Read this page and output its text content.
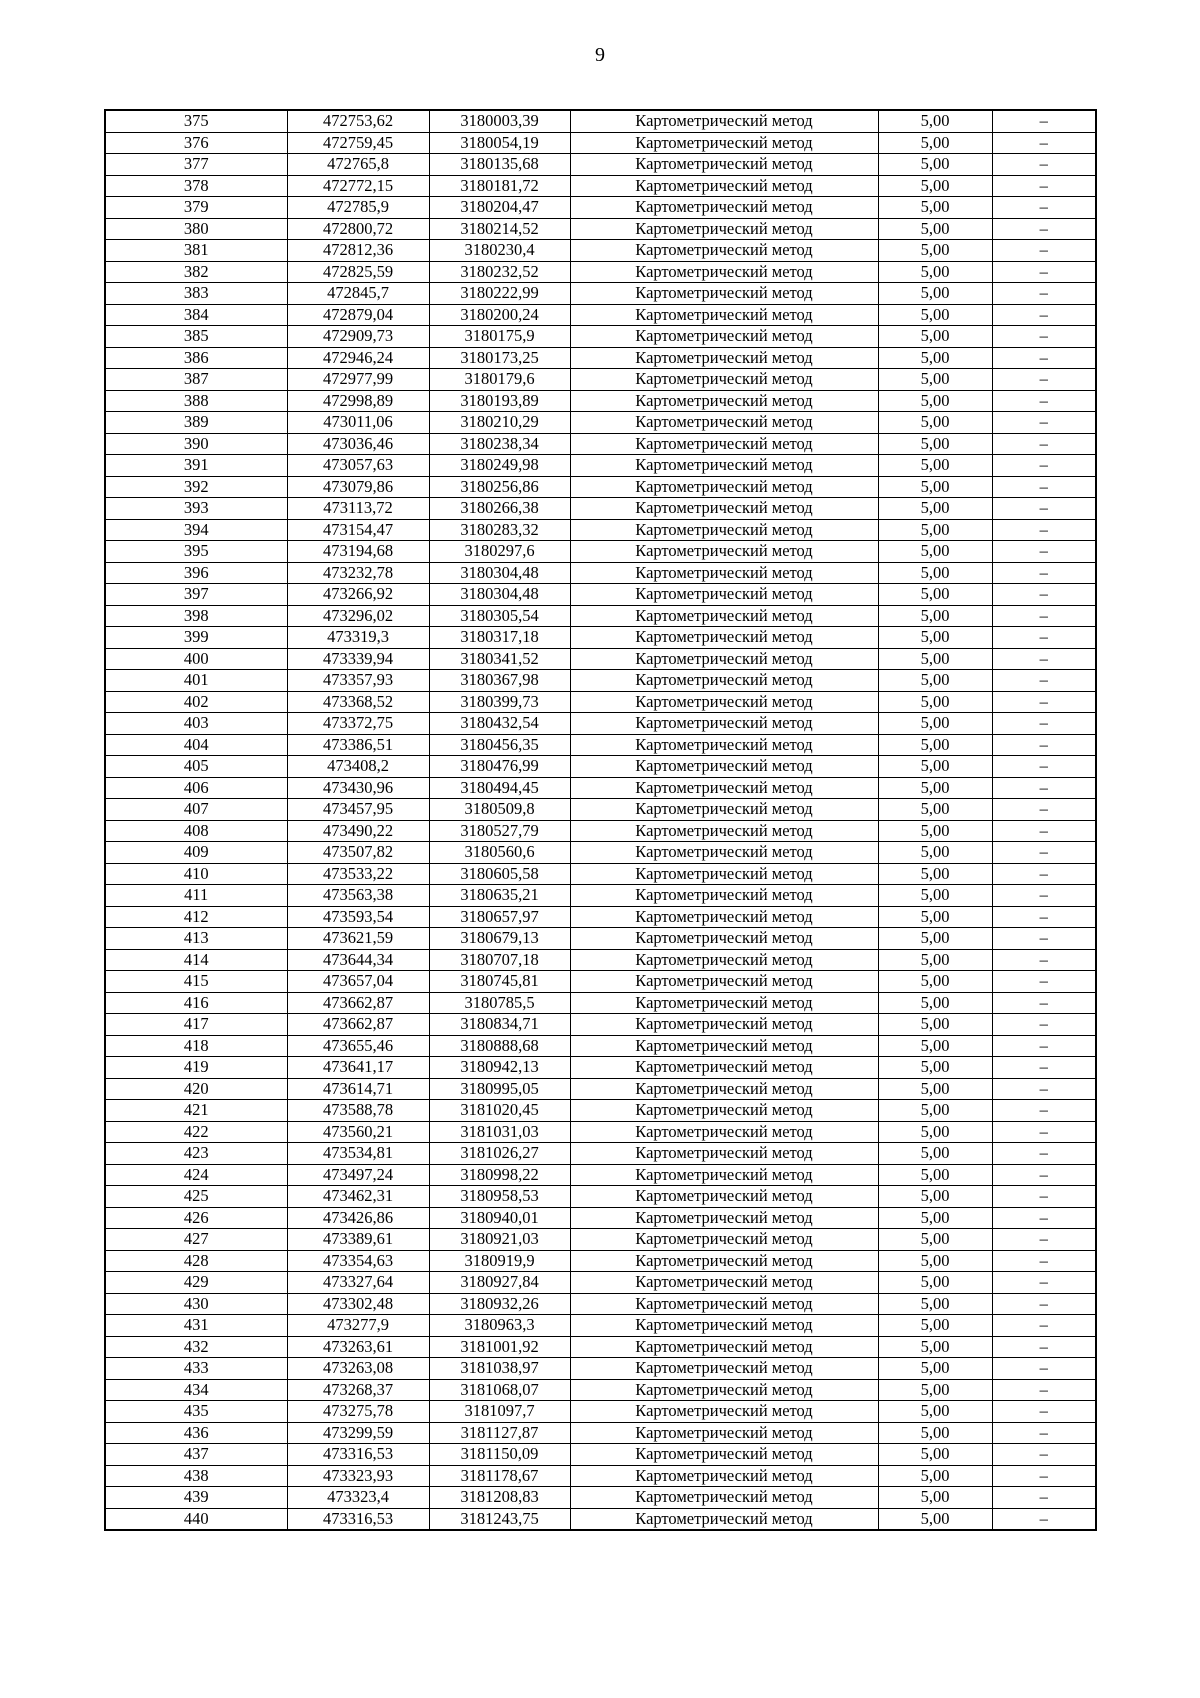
9
375	472753,62	3180003,39	Картометрический метод	5,00	–
376	472759,45	3180054,19	Картометрический метод	5,00	–
377	472765,8	3180135,68	Картометрический метод	5,00	–
378	472772,15	3180181,72	Картометрический метод	5,00	–
379	472785,9	3180204,47	Картометрический метод	5,00	–
380	472800,72	3180214,52	Картометрический метод	5,00	–
381	472812,36	3180230,4	Картометрический метод	5,00	–
382	472825,59	3180232,52	Картометрический метод	5,00	–
383	472845,7	3180222,99	Картометрический метод	5,00	–
384	472879,04	3180200,24	Картометрический метод	5,00	–
385	472909,73	3180175,9	Картометрический метод	5,00	–
386	472946,24	3180173,25	Картометрический метод	5,00	–
387	472977,99	3180179,6	Картометрический метод	5,00	–
388	472998,89	3180193,89	Картометрический метод	5,00	–
389	473011,06	3180210,29	Картометрический метод	5,00	–
390	473036,46	3180238,34	Картометрический метод	5,00	–
391	473057,63	3180249,98	Картометрический метод	5,00	–
392	473079,86	3180256,86	Картометрический метод	5,00	–
393	473113,72	3180266,38	Картометрический метод	5,00	–
394	473154,47	3180283,32	Картометрический метод	5,00	–
395	473194,68	3180297,6	Картометрический метод	5,00	–
396	473232,78	3180304,48	Картометрический метод	5,00	–
397	473266,92	3180304,48	Картометрический метод	5,00	–
398	473296,02	3180305,54	Картометрический метод	5,00	–
399	473319,3	3180317,18	Картометрический метод	5,00	–
400	473339,94	3180341,52	Картометрический метод	5,00	–
401	473357,93	3180367,98	Картометрический метод	5,00	–
402	473368,52	3180399,73	Картометрический метод	5,00	–
403	473372,75	3180432,54	Картометрический метод	5,00	–
404	473386,51	3180456,35	Картометрический метод	5,00	–
405	473408,2	3180476,99	Картометрический метод	5,00	–
406	473430,96	3180494,45	Картометрический метод	5,00	–
407	473457,95	3180509,8	Картометрический метод	5,00	–
408	473490,22	3180527,79	Картометрический метод	5,00	–
409	473507,82	3180560,6	Картометрический метод	5,00	–
410	473533,22	3180605,58	Картометрический метод	5,00	–
411	473563,38	3180635,21	Картометрический метод	5,00	–
412	473593,54	3180657,97	Картометрический метод	5,00	–
413	473621,59	3180679,13	Картометрический метод	5,00	–
414	473644,34	3180707,18	Картометрический метод	5,00	–
415	473657,04	3180745,81	Картометрический метод	5,00	–
416	473662,87	3180785,5	Картометрический метод	5,00	–
417	473662,87	3180834,71	Картометрический метод	5,00	–
418	473655,46	3180888,68	Картометрический метод	5,00	–
419	473641,17	3180942,13	Картометрический метод	5,00	–
420	473614,71	3180995,05	Картометрический метод	5,00	–
421	473588,78	3181020,45	Картометрический метод	5,00	–
422	473560,21	3181031,03	Картометрический метод	5,00	–
423	473534,81	3181026,27	Картометрический метод	5,00	–
424	473497,24	3180998,22	Картометрический метод	5,00	–
425	473462,31	3180958,53	Картометрический метод	5,00	–
426	473426,86	3180940,01	Картометрический метод	5,00	–
427	473389,61	3180921,03	Картометрический метод	5,00	–
428	473354,63	3180919,9	Картометрический метод	5,00	–
429	473327,64	3180927,84	Картометрический метод	5,00	–
430	473302,48	3180932,26	Картометрический метод	5,00	–
431	473277,9	3180963,3	Картометрический метод	5,00	–
432	473263,61	3181001,92	Картометрический метод	5,00	–
433	473263,08	3181038,97	Картометрический метод	5,00	–
434	473268,37	3181068,07	Картометрический метод	5,00	–
435	473275,78	3181097,7	Картометрический метод	5,00	–
436	473299,59	3181127,87	Картометрический метод	5,00	–
437	473316,53	3181150,09	Картометрический метод	5,00	–
438	473323,93	3181178,67	Картометрический метод	5,00	–
439	473323,4	3181208,83	Картометрический метод	5,00	–
440	473316,53	3181243,75	Картометрический метод	5,00	–
